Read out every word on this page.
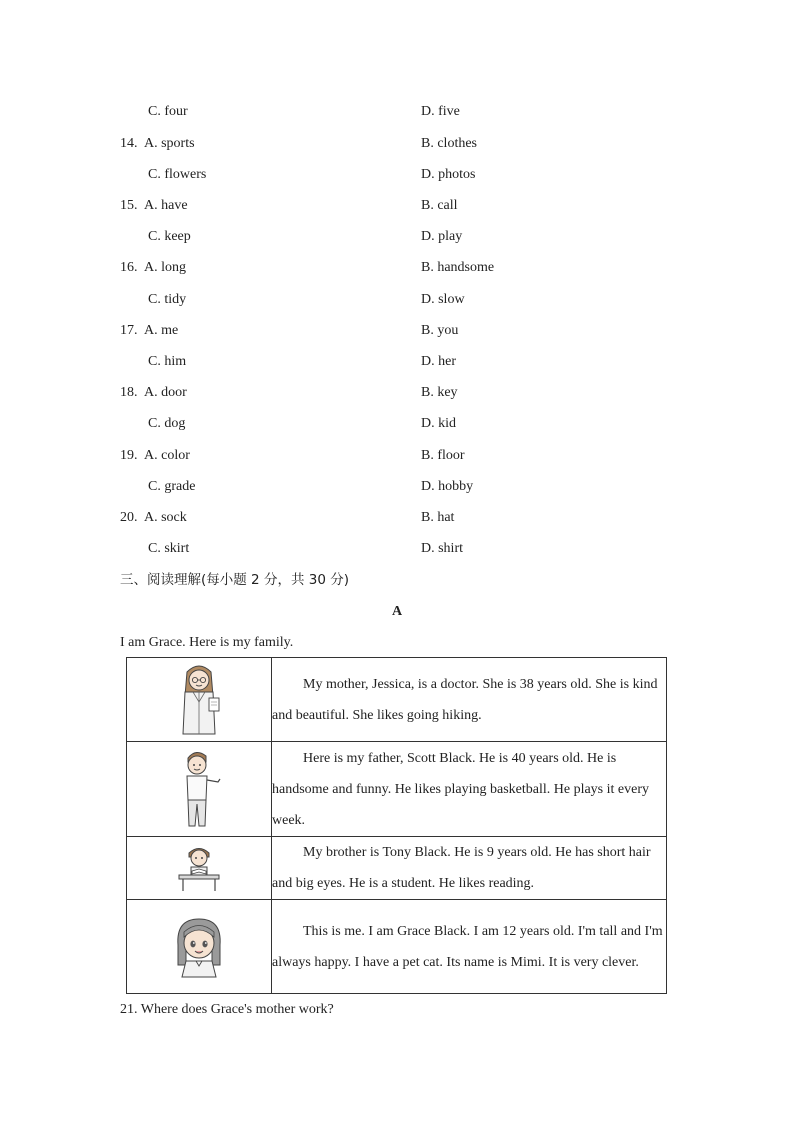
C. four	D. five
14. A. sports	B. clothes
C. flowers	D. photos
15. A. have	B. call
C. keep	D. play
16. A. long	B. handsome
C. tidy	D. slow
17. A. me	B. you
C. him	D. her
18. A. door	B. key
C. dog	D. kid
19. A. color	B. floor
C. grade	D. hobby
20. A. sock	B. hat
C. skirt	D. shirt
三、阅读理解(每小题 2 分，共 30 分)
A
I am Grace. Here is my family.

My mother, Jessica, is a doctor. She is 38 years old. She is kind and beautiful. She likes going hiking.

Here is my father, Scott Black. He is 40 years old. He is handsome and funny. He likes playing basketball. He plays it every week.

My brother is Tony Black. He is 9 years old. He has short hair and big eyes. He is a student. He likes reading.

This is me. I am Grace Black. I am 12 years old. I'm tall and I'm always happy. I have a pet cat. Its name is Mimi. It is very clever.

21. Where does Grace's mother work?
